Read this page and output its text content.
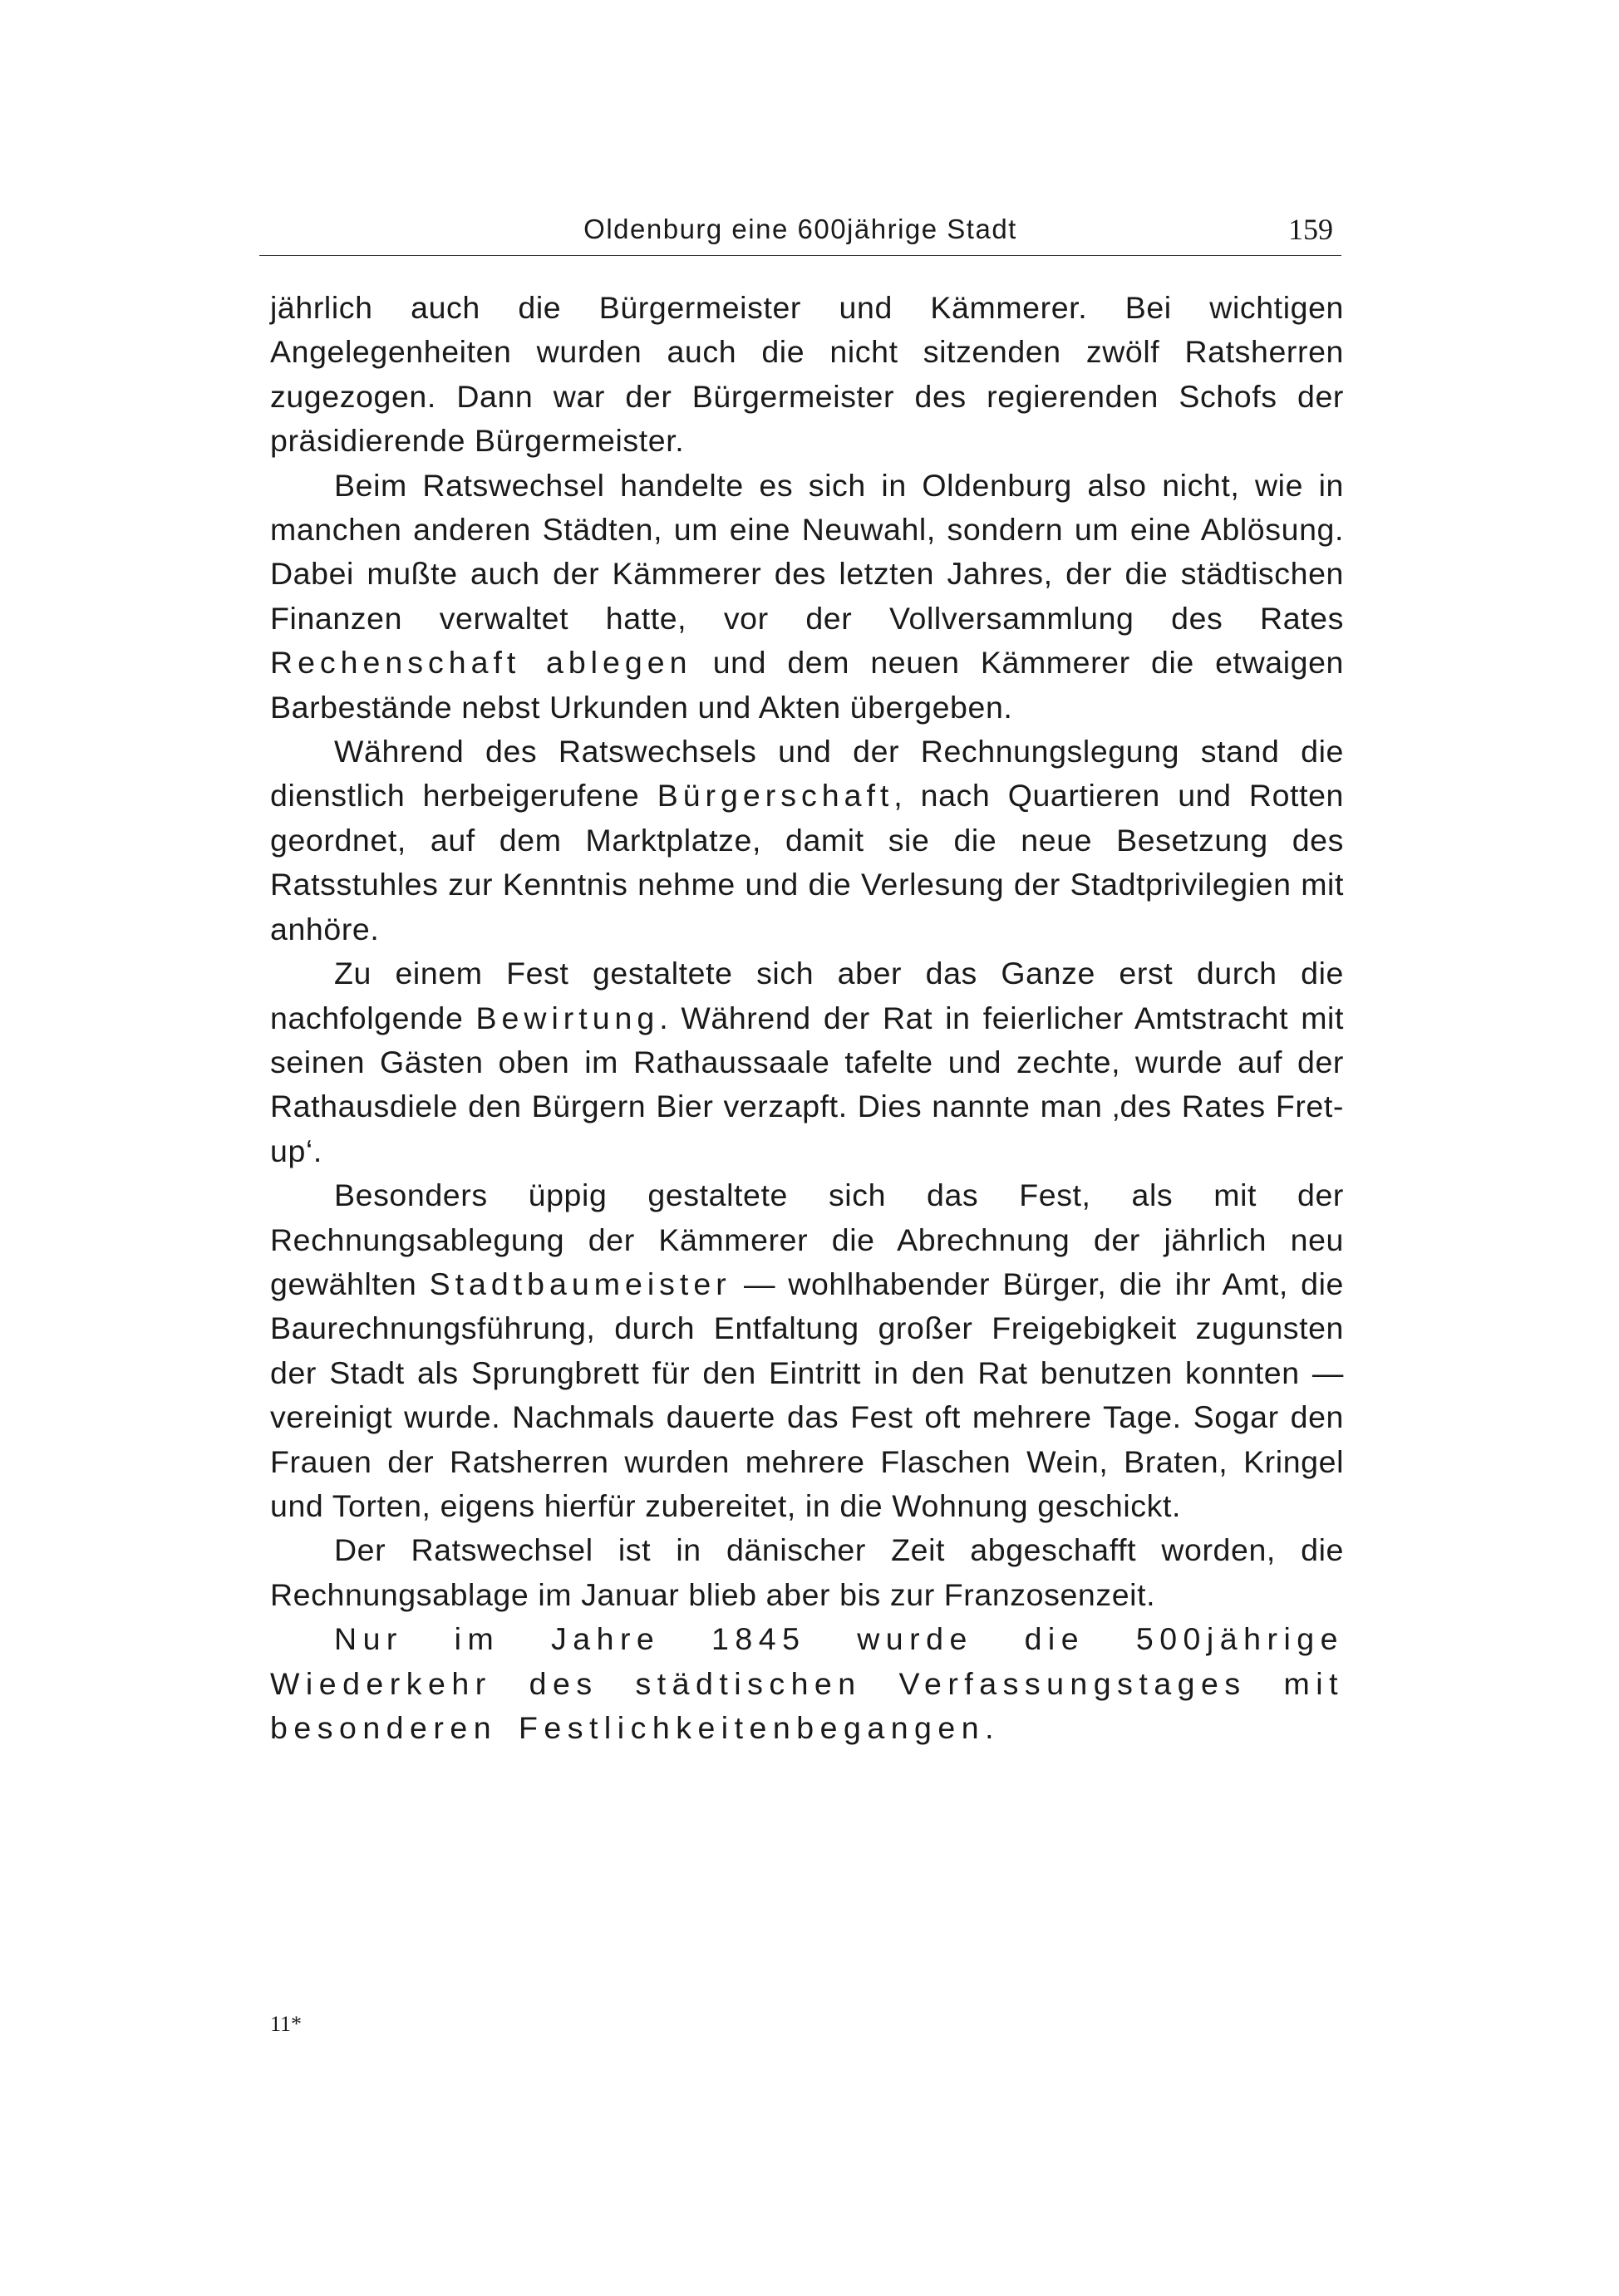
Oldenburg eine 600jährige Stadt	159

jährlich auch die Bürgermeister und Kämmerer. Bei wichtigen Angelegenheiten wurden auch die nicht sitzenden zwölf Ratsherren zugezogen. Dann war der Bürgermeister des regierenden Schofs der präsidierende Bürgermeister.

Beim Ratswechsel handelte es sich in Oldenburg also nicht, wie in manchen anderen Städten, um eine Neuwahl, sondern um eine Ablösung. Dabei mußte auch der Kämmerer des letzten Jahres, der die städtischen Finanzen verwaltet hatte, vor der Vollversammlung des Rates Rechenschaft ablegen und dem neuen Kämmerer die etwaigen Barbestände nebst Urkunden und Akten übergeben.

Während des Ratswechsels und der Rechnungslegung stand die dienstlich herbeigerufene Bürgerschaft, nach Quartieren und Rotten geordnet, auf dem Marktplatze, damit sie die neue Besetzung des Ratsstuhles zur Kenntnis nehme und die Verlesung der Stadtprivilegien mit anhöre.

Zu einem Fest gestaltete sich aber das Ganze erst durch die nachfolgende Bewirtung. Während der Rat in feierlicher Amtstracht mit seinen Gästen oben im Rathaussaale tafelte und zechte, wurde auf der Rathausdiele den Bürgern Bier verzapft. Dies nannte man ‚des Rates Fret-up‘.

Besonders üppig gestaltete sich das Fest, als mit der Rechnungsablegung der Kämmerer die Abrechnung der jährlich neu gewählten Stadtbaumeister — wohlhabender Bürger, die ihr Amt, die Baurechnungsführung, durch Entfaltung großer Freigebigkeit zugunsten der Stadt als Sprungbrett für den Eintritt in den Rat benutzen konnten — vereinigt wurde. Nachmals dauerte das Fest oft mehrere Tage. Sogar den Frauen der Ratsherren wurden mehrere Flaschen Wein, Braten, Kringel und Torten, eigens hierfür zubereitet, in die Wohnung geschickt.

Der Ratswechsel ist in dänischer Zeit abgeschafft worden, die Rechnungsablage im Januar blieb aber bis zur Franzosenzeit.

Nur im Jahre 1845 wurde die 500jährige Wiederkehr des städtischen Verfassungstages mit besonderen Festlichkeitenbegangen.

11*
